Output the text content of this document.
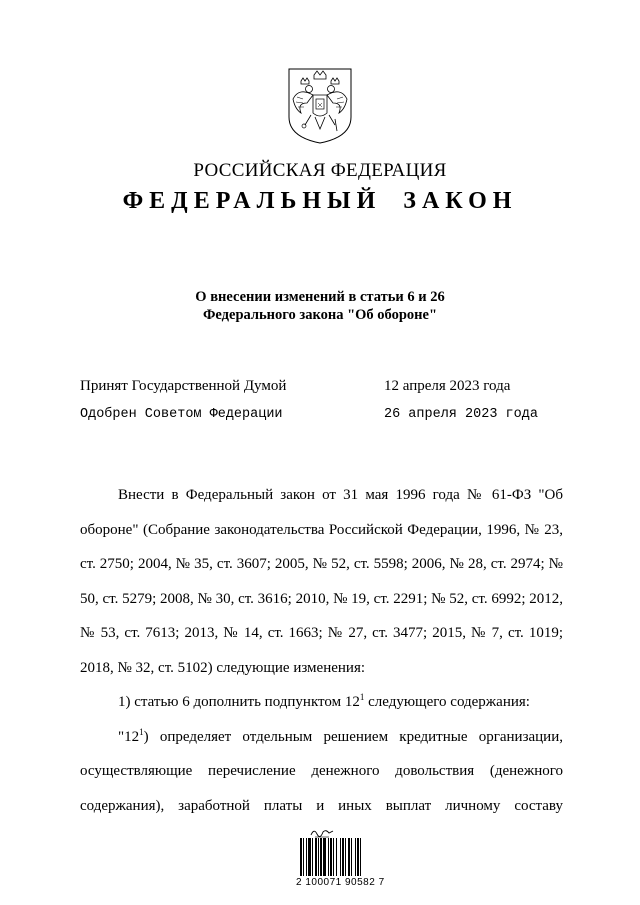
РОССИЙСКАЯ ФЕДЕРАЦИЯ
ФЕДЕРАЛЬНЫЙ ЗАКОН
О внесении изменений в статьи 6 и 26
Федерального закона "Об обороне"
Принят Государственной Думой	12 апреля 2023 года
Одобрен Советом Федерации	26 апреля 2023 года

Внести в Федеральный закон от 31 мая 1996 года № 61-ФЗ "Об обороне" (Собрание законодательства Российской Федерации, 1996, № 23, ст. 2750; 2004, № 35, ст. 3607; 2005, № 52, ст. 5598; 2006, № 28, ст. 2974; № 50, ст. 5279; 2008, № 30, ст. 3616; 2010, № 19, ст. 2291; № 52, ст. 6992; 2012, № 53, ст. 7613; 2013, № 14, ст. 1663; № 27, ст. 3477; 2015, № 7, ст. 1019; 2018, № 32, ст. 5102) следующие изменения:

1) статью 6 дополнить подпунктом $12^1$ следующего содержания:

"$12^1$) определяет отдельным решением кредитные организации, осуществляющие перечисление денежного довольствия (денежного содержания), заработной платы и иных выплат личному составу

2 100071 90582 7
